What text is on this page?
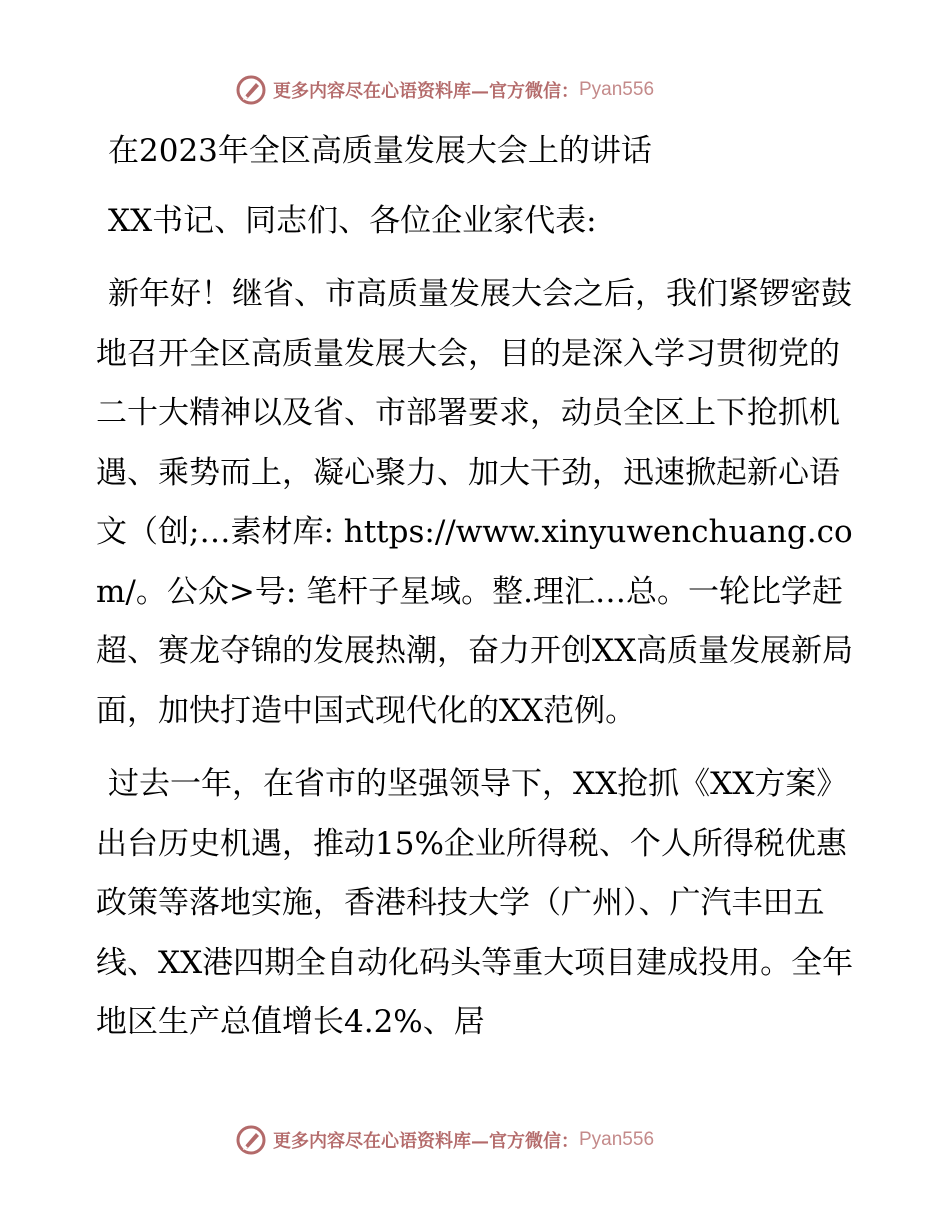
更多内容尽在心语资料库—官方微信： Pyan556

在2023年全区高质量发展大会上的讲话

XX书记、同志们、各位企业家代表:

新年好！继省、市高质量发展大会之后，我们紧锣密鼓地召开全区高质量发展大会，目的是深入学习贯彻党的二十大精神以及省、市部署要求，动员全区上下抢抓机遇、乘势而上，凝心聚力、加大干劲，迅速掀起新心语文（创;…素材库: https://www.xinyuwenchuang.com/。公众>号: 笔杆子星域。整.理汇…总。一轮比学赶超、赛龙夺锦的发展热潮，奋力开创XX高质量发展新局面，加快打造中国式现代化的XX范例。

过去一年，在省市的坚强领导下，XX抢抓《XX方案》出台历史机遇，推动15%企业所得税、个人所得税优惠政策等落地实施，香港科技大学（广州）、广汽丰田五线、XX港四期全自动化码头等重大项目建成投用。全年地区生产总值增长4.2%、居

更多内容尽在心语资料库—官方微信： Pyan556
